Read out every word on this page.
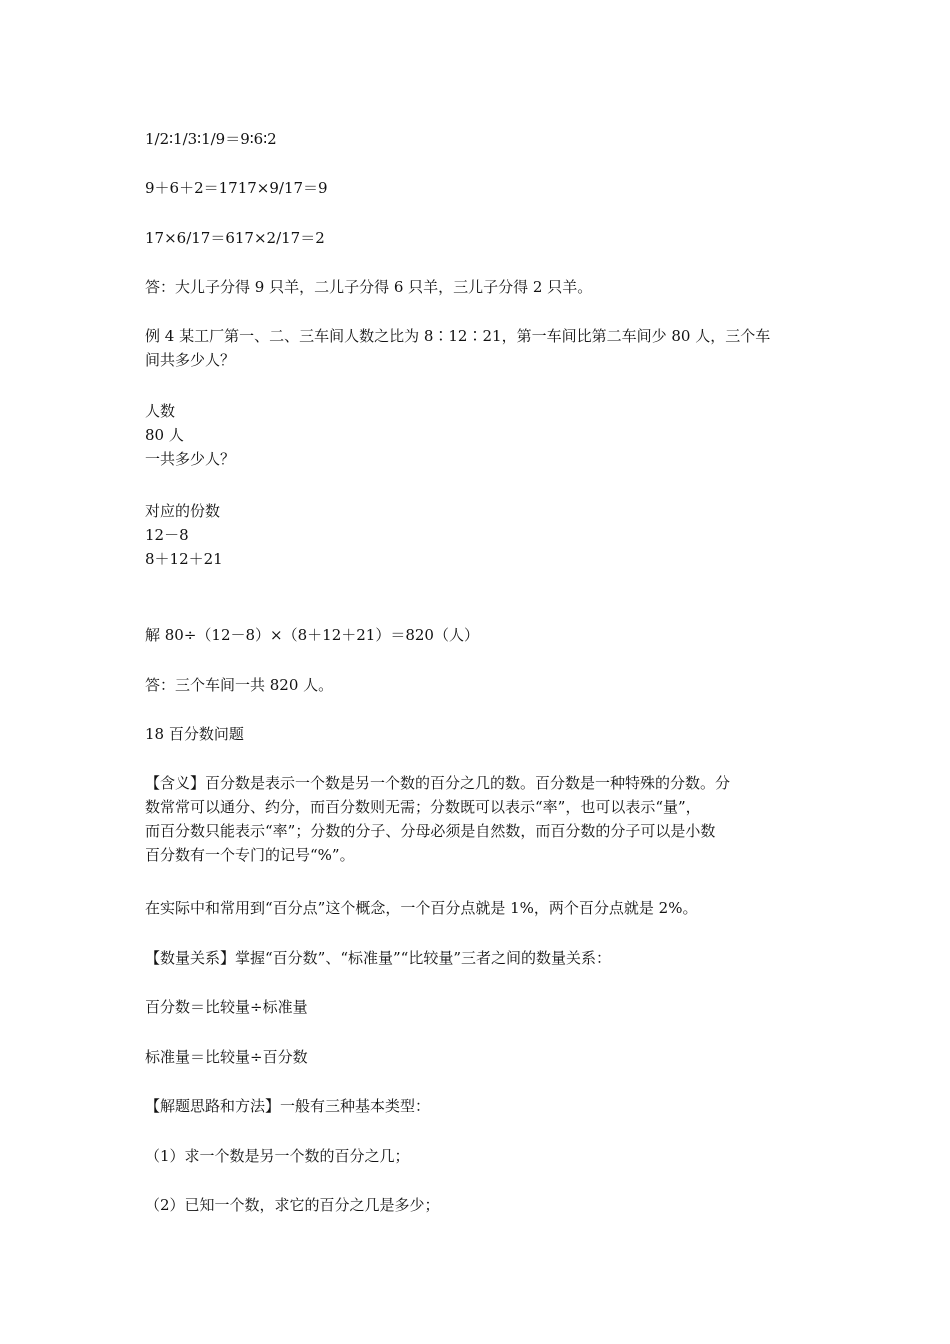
1/2∶1/3∶1/9＝9∶6∶2

9＋6＋2＝1717×9/17＝9

17×6/17＝617×2/17＝2

答：大儿子分得 9 只羊，二儿子分得 6 只羊，三儿子分得 2 只羊。

例 4 某工厂第一、二、三车间人数之比为 8∶12∶21，第一车间比第二车间少 80 人，三个车
间共多少人？
人数
80 人
一共多少人？
对应的份数
12－8
8＋12＋21

解 80÷（12－8）×（8＋12＋21）＝820（人）

答：三个车间一共 820 人。

18 百分数问题

【含义】百分数是表示一个数是另一个数的百分之几的数。百分数是一种特殊的分数。分
数常常可以通分、约分，而百分数则无需；分数既可以表示“率”，也可以表示“量”，
而百分数只能表示“率”；分数的分子、分母必须是自然数，而百分数的分子可以是小数
百分数有一个专门的记号“%”。

在实际中和常用到“百分点”这个概念，一个百分点就是 1%，两个百分点就是 2%。

【数量关系】掌握“百分数”、“标准量”“比较量”三者之间的数量关系：

百分数＝比较量÷标准量

标准量＝比较量÷百分数

【解题思路和方法】一般有三种基本类型：

（1）求一个数是另一个数的百分之几；

（2）已知一个数，求它的百分之几是多少；
